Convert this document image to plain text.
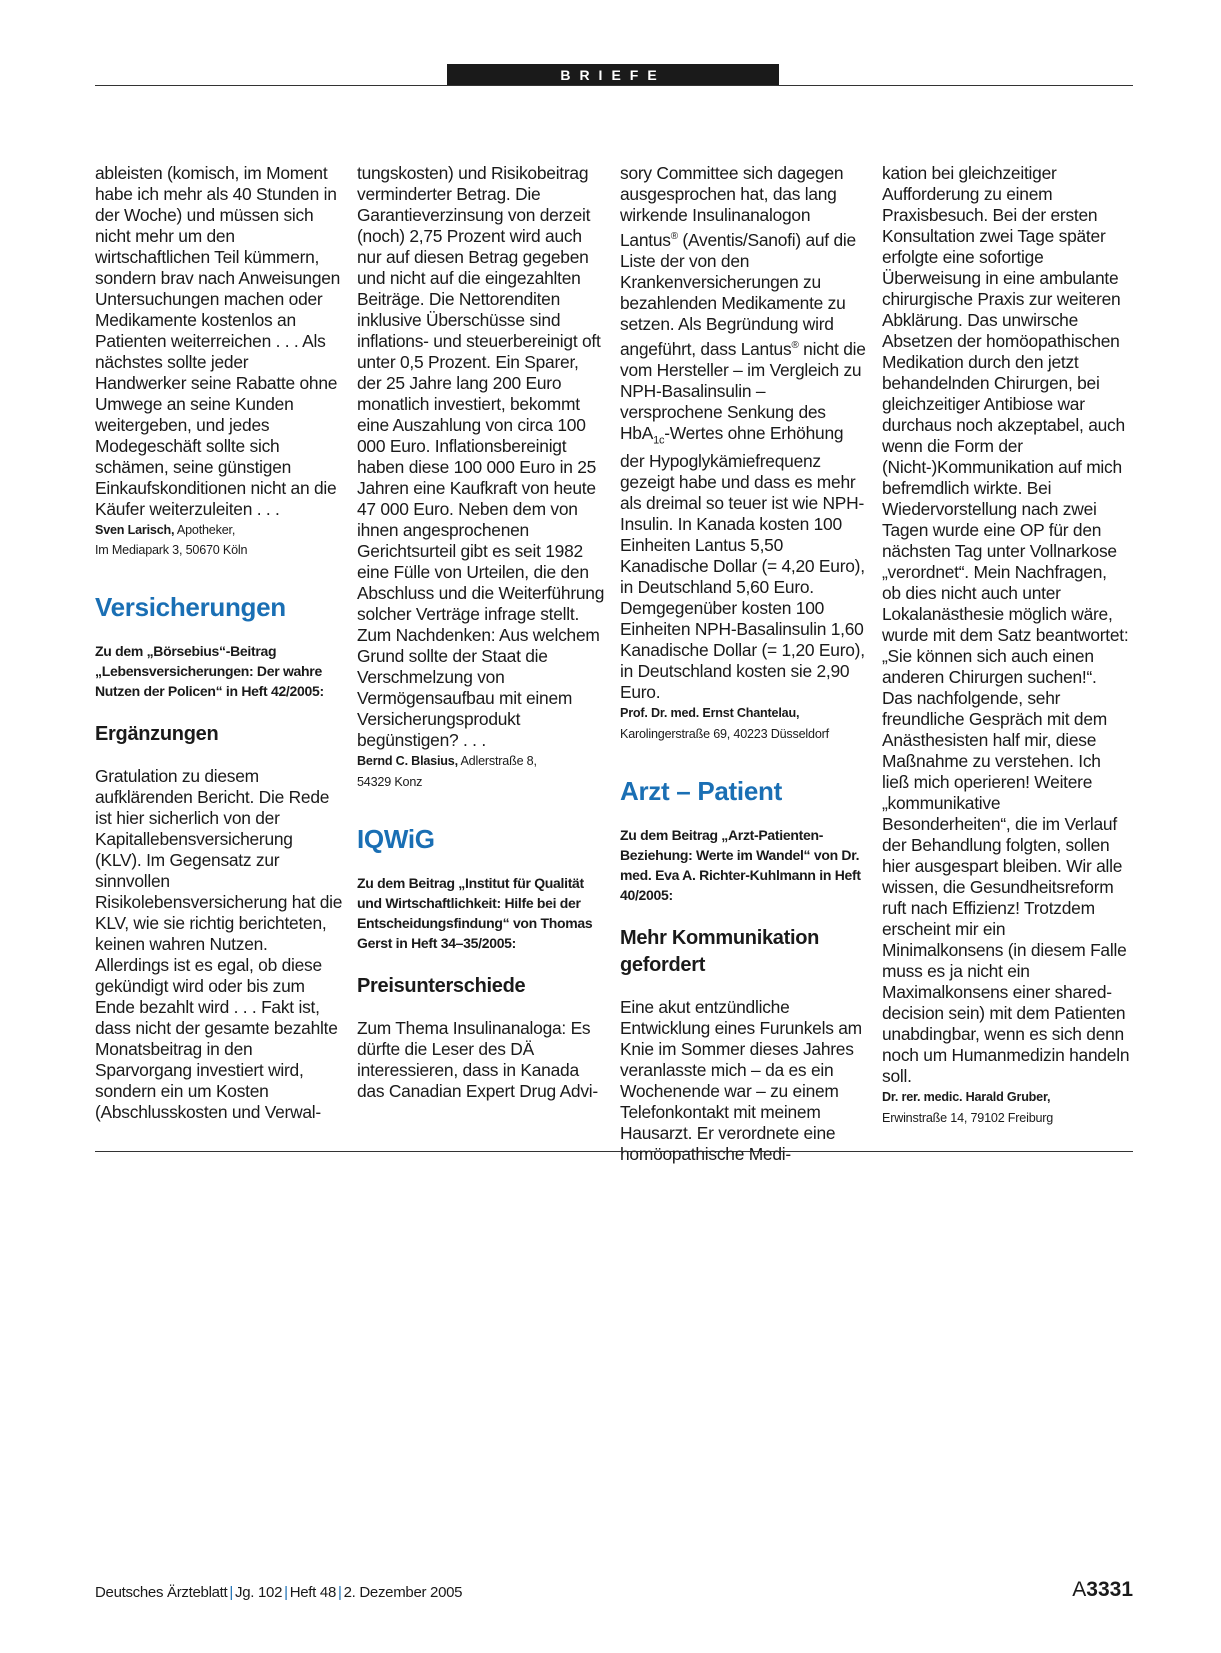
BRIEFE

ableisten (komisch, im Moment habe ich mehr als 40 Stunden in der Woche) und müssen sich nicht mehr um den wirtschaftlichen Teil kümmern, sondern brav nach Anweisungen Untersuchungen machen oder Medikamente kostenlos an Patienten weiterreichen . . . Als nächstes sollte jeder Handwerker seine Rabatte ohne Umwege an seine Kunden weitergeben, und jedes Modegeschäft sollte sich schämen, seine günstigen Einkaufskonditionen nicht an die Käufer weiterzuleiten . . .

Sven Larisch, Apotheker,

Im Mediapark 3, 50670 Köln

Versicherungen

Zu dem „Börsebius“-Beitrag „Lebensversicherungen: Der wahre Nutzen der Policen“ in Heft 42/2005:

Ergänzungen

Gratulation zu diesem aufklärenden Bericht. Die Rede ist hier sicherlich von der Kapitallebensversicherung (KLV). Im Gegensatz zur sinnvollen Risikolebensversicherung hat die KLV, wie sie richtig berichteten, keinen wahren Nutzen. Allerdings ist es egal, ob diese gekündigt wird oder bis zum Ende bezahlt wird . . . Fakt ist, dass nicht der gesamte bezahlte Monatsbeitrag in den Sparvorgang investiert wird, sondern ein um Kosten (Abschlusskosten und Verwal-

tungskosten) und Risikobeitrag verminderter Betrag. Die Garantieverzinsung von derzeit (noch) 2,75 Prozent wird auch nur auf diesen Betrag gegeben und nicht auf die eingezahlten Beiträge. Die Nettorenditen inklusive Überschüsse sind inflations- und steuerbereinigt oft unter 0,5 Prozent. Ein Sparer, der 25 Jahre lang 200 Euro monatlich investiert, bekommt eine Auszahlung von circa 100 000 Euro. Inflationsbereinigt haben diese 100 000 Euro in 25 Jahren eine Kaufkraft von heute 47 000 Euro. Neben dem von ihnen angesprochenen Gerichtsurteil gibt es seit 1982 eine Fülle von Urteilen, die den Abschluss und die Weiterführung solcher Verträge infrage stellt. Zum Nachdenken: Aus welchem Grund sollte der Staat die Verschmelzung von Vermögensaufbau mit einem Versicherungsprodukt begünstigen? . . .

Bernd C. Blasius, Adlerstraße 8,

54329 Konz

IQWiG

Zu dem Beitrag „Institut für Qualität und Wirtschaftlichkeit: Hilfe bei der Entscheidungsfindung“ von Thomas Gerst in Heft 34–35/2005:

Preisunterschiede

Zum Thema Insulinanaloga: Es dürfte die Leser des DÄ interessieren, dass in Kanada das Canadian Expert Drug Advi-

sory Committee sich dagegen ausgesprochen hat, das lang wirkende Insulinanalogon Lantus® (Aventis/Sanofi) auf die Liste der von den Krankenversicherungen zu bezahlenden Medikamente zu setzen. Als Begründung wird angeführt, dass Lantus® nicht die vom Hersteller – im Vergleich zu NPH-Basalinsulin – versprochene Senkung des HbA$_{1c}$-Wertes ohne Erhöhung der Hypoglykämiefrequenz gezeigt habe und dass es mehr als dreimal so teuer ist wie NPH-Insulin. In Kanada kosten 100 Einheiten Lantus 5,50 Kanadische Dollar (= 4,20 Euro), in Deutschland 5,60 Euro. Demgegenüber kosten 100 Einheiten NPH-Basalinsulin 1,60 Kanadische Dollar (= 1,20 Euro), in Deutschland kosten sie 2,90 Euro.

Prof. Dr. med. Ernst Chantelau,

Karolingerstraße 69, 40223 Düsseldorf

Arzt – Patient

Zu dem Beitrag „Arzt-Patienten-Beziehung: Werte im Wandel“ von Dr. med. Eva A. Richter-Kuhlmann in Heft 40/2005:

Mehr Kommunikation gefordert

Eine akut entzündliche Entwicklung eines Furunkels am Knie im Sommer dieses Jahres veranlasste mich – da es ein Wochenende war – zu einem Telefonkontakt mit meinem Hausarzt. Er verordnete eine homöopathische Medi-

kation bei gleichzeitiger Aufforderung zu einem Praxisbesuch. Bei der ersten Konsultation zwei Tage später erfolgte eine sofortige Überweisung in eine ambulante chirurgische Praxis zur weiteren Abklärung. Das unwirsche Absetzen der homöopathischen Medikation durch den jetzt behandelnden Chirurgen, bei gleichzeitiger Antibiose war durchaus noch akzeptabel, auch wenn die Form der (Nicht-)Kommunikation auf mich befremdlich wirkte. Bei Wiedervorstellung nach zwei Tagen wurde eine OP für den nächsten Tag unter Vollnarkose „verordnet“. Mein Nachfragen, ob dies nicht auch unter Lokalanästhesie möglich wäre, wurde mit dem Satz beantwortet: „Sie können sich auch einen anderen Chirurgen suchen!“. Das nachfolgende, sehr freundliche Gespräch mit dem Anästhesisten half mir, diese Maßnahme zu verstehen. Ich ließ mich operieren! Weitere „kommunikative Besonderheiten“, die im Verlauf der Behandlung folgten, sollen hier ausgespart bleiben. Wir alle wissen, die Gesundheitsreform ruft nach Effizienz! Trotzdem erscheint mir ein Minimalkonsens (in diesem Falle muss es ja nicht ein Maximalkonsens einer shared-decision sein) mit dem Patienten unabdingbar, wenn es sich denn noch um Humanmedizin handeln soll.

Dr. rer. medic. Harald Gruber,

Erwinstraße 14, 79102 Freiburg

Deutsches Ärzteblatt | Jg. 102 | Heft 48 | 2. Dezember 2005	A3331
